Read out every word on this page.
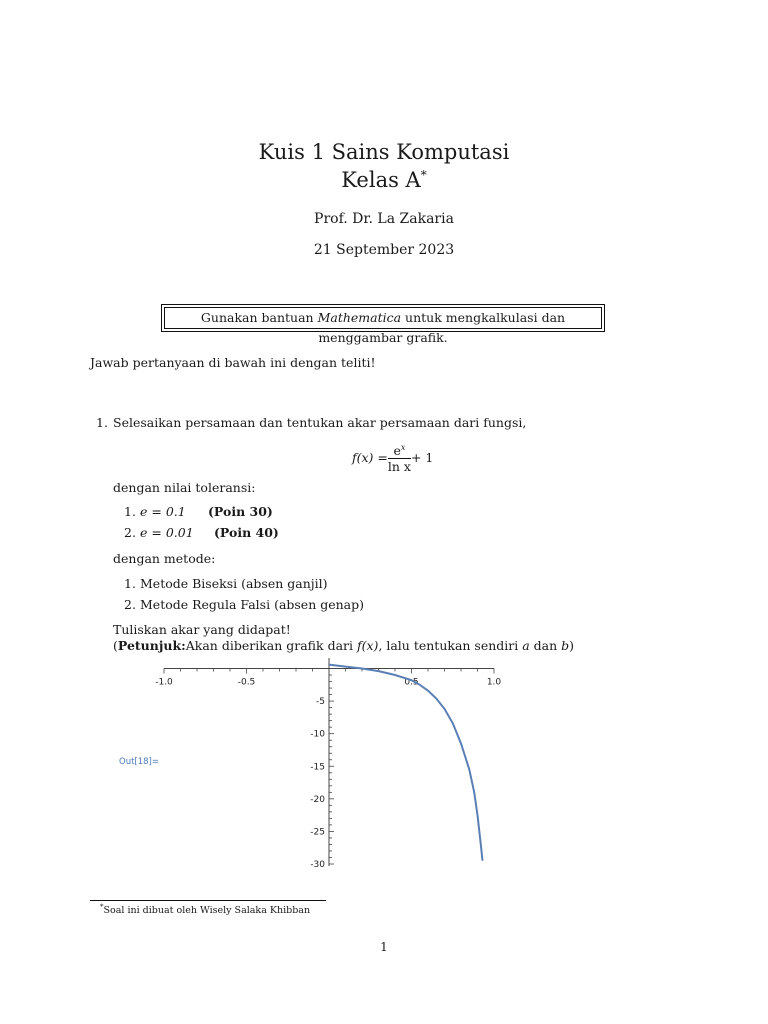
Kuis 1 Sains Komputasi
Kelas A*
Prof. Dr. La Zakaria
21 September 2023
Gunakan bantuan Mathematica untuk mengkalkulasi dan menggambar grafik.
Jawab pertanyaan di bawah ini dengan teliti!
1. Selesaikan persamaan dan tentukan akar persamaan dari fungsi,
$f(x) = \frac{e^x}{\text{ln x}} + 1$
dengan nilai toleransi:
1. e = 0.1 (Poin 30)
2. e = 0.01 (Poin 40)
dengan metode:
1. Metode Biseksi (absen ganjil)
2. Metode Regula Falsi (absen genap)
Tuliskan akar yang didapat!
(Petunjuk:Akan diberikan grafik dari f(x), lalu tentukan sendiri a dan b)
Out[18]=
-1.0	-0.5	0.5	1.0
-5
-10
-15
-20
-25
-30
*Soal ini dibuat oleh Wisely Salaka Khibban
1
